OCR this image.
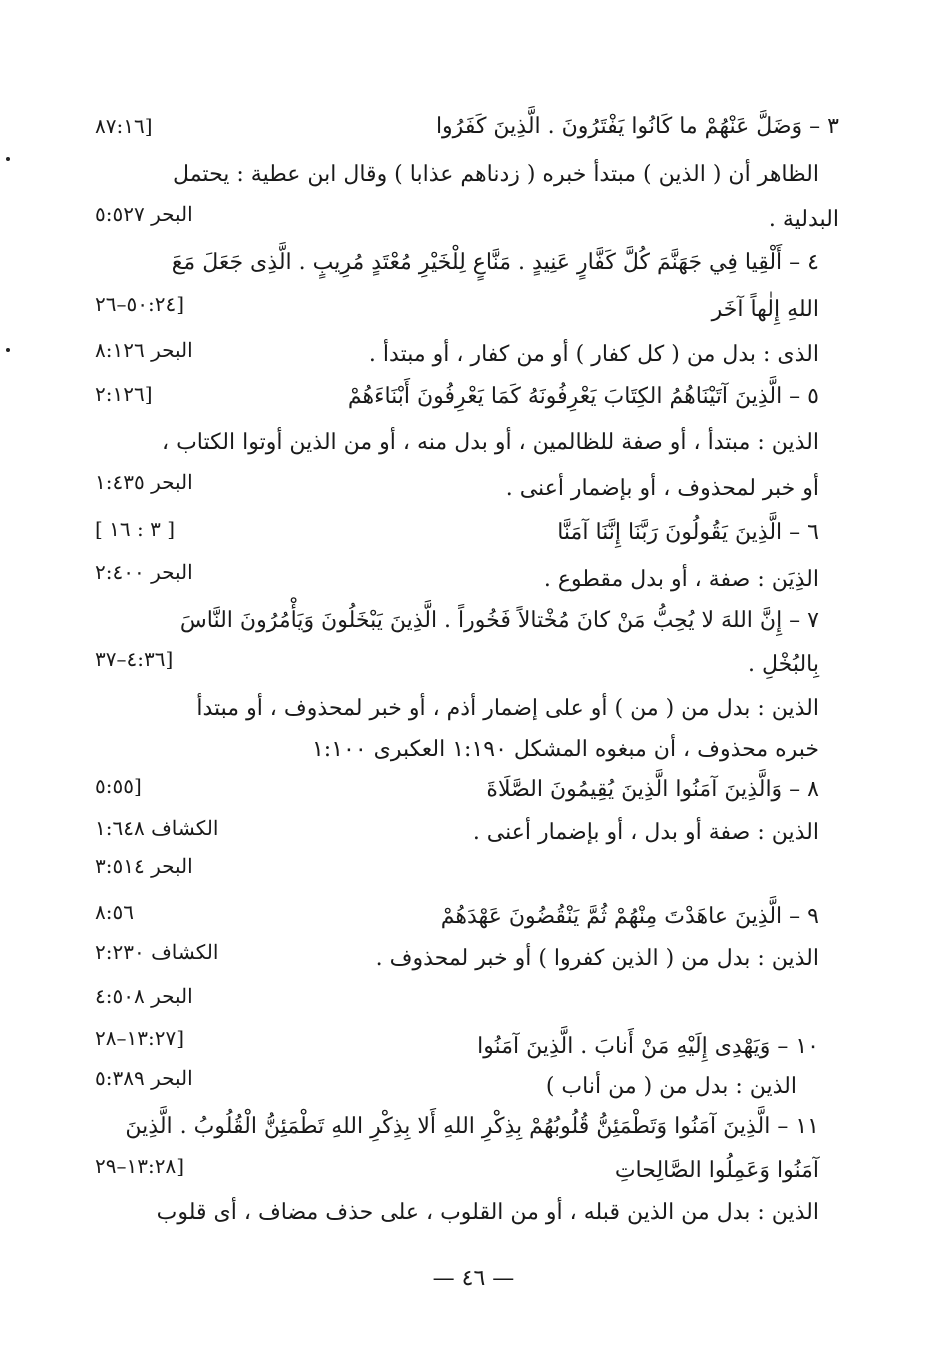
٣ – وَضَلَّ عَنْهُمْ ما كَانُوا يَفْتَرُونَ . الَّذِينَ كَفَرُوا
[٨٧:١٦
الظاهر أن ( الذين ) مبتدأ خبره ( زدناهم عذابا ) وقال ابن عطية : يحتمل
البحر ٥:٥٢٧	البدلية .
٤ – أَلْقِيا فِي جَهَنَّمَ كُلَّ كَفَّارٍ عَنِيدٍ . مَنَّاعٍ لِلْخَيْرِ مُعْتَدٍ مُرِيبٍ . الَّذِى جَعَلَ مَعَ
[٥٠:٢٤–٢٦	اللهِ إِلٰهاً آخَر
الذى : بدل من ( كل كفار ) أو من كفار ، أو مبتدأ .
البحر ٨:١٢٦
٥ – الَّذِينَ آتَيْنَاهُمُ الكِتَابَ يَعْرِفُونَهُ كَمَا يَعْرِفُونَ أَبْنَاءَهُمْ
[٢:١٢٦
الذين : مبتدأ ، أو صفة للظالمين ، أو بدل منه ، أو من الذين أوتوا الكتاب ،
البحر ١:٤٣٥	أو خبر لمحذوف ، أو بإضمار أعنى .
٦ – الَّذِينَ يَقُولُونَ رَبَّنَا إِنَّنَا آمَنَّا
[ ٣ : ١٦ ]
البحر ٢:٤٠٠	الذِيَن : صفة ، أو بدل مقطوع .
٧ – إِنَّ اللهَ لا يُحِبُّ مَنْ كانَ مُخْتالاً فَخُوراً . الَّذِينَ يَبْخَلُونَ وَيَأْمُرُونَ النَّاسَ
[٤:٣٦–٣٧	بِالبُخْلِ .
الذين : بدل من ( من ) أو على إضمار أذم ، أو خبر لمحذوف ، أو مبتدأ
خبره محذوف ، أن مبغوه المشكل ١:١٩٠ العكبرى ١:١٠٠
٨ – وَالَّذِينَ آمَنُوا الَّذِينَ يُقِيمُونَ الصَّلَاةَ
[٥:٥٥
الكشاف ١:٦٤٨	الذين : صفة أو بدل ، أو بإضمار أعنى .
البحر ٣:٥١٤
٨:٥٦	٩ – الَّذِينَ عاهَدْتَ مِنْهُمْ ثُمَّ يَنْقُضُونَ عَهْدَهُمْ
الكشاف ٢:٢٣٠	الذين : بدل من ( الذين كفروا ) أو خبر لمحذوف .
البحر ٤:٥٠٨
[١٣:٢٧–٢٨	١٠ – وَيَهْدِى إِلَيْهِ مَنْ أَنابَ . الَّذِينَ آمَنُوا
البحر ٥:٣٨٩	الذين : بدل من ( من أناب )
١١ – الَّذِينَ آمَنُوا وَتَطْمَئِنُّ قُلُوبُهُمْ بِذِكْرِ اللهِ أَلا بِذِكْرِ اللهِ تَطْمَئِنُّ الْقُلُوبُ . الَّذِينَ
[١٣:٢٨–٢٩	آمَنُوا وَعَمِلُوا الصَّالِحاتِ
الذين : بدل من الذين قبله ، أو من القلوب ، على حذف مضاف ، أى قلوب
— ٤٦ —
